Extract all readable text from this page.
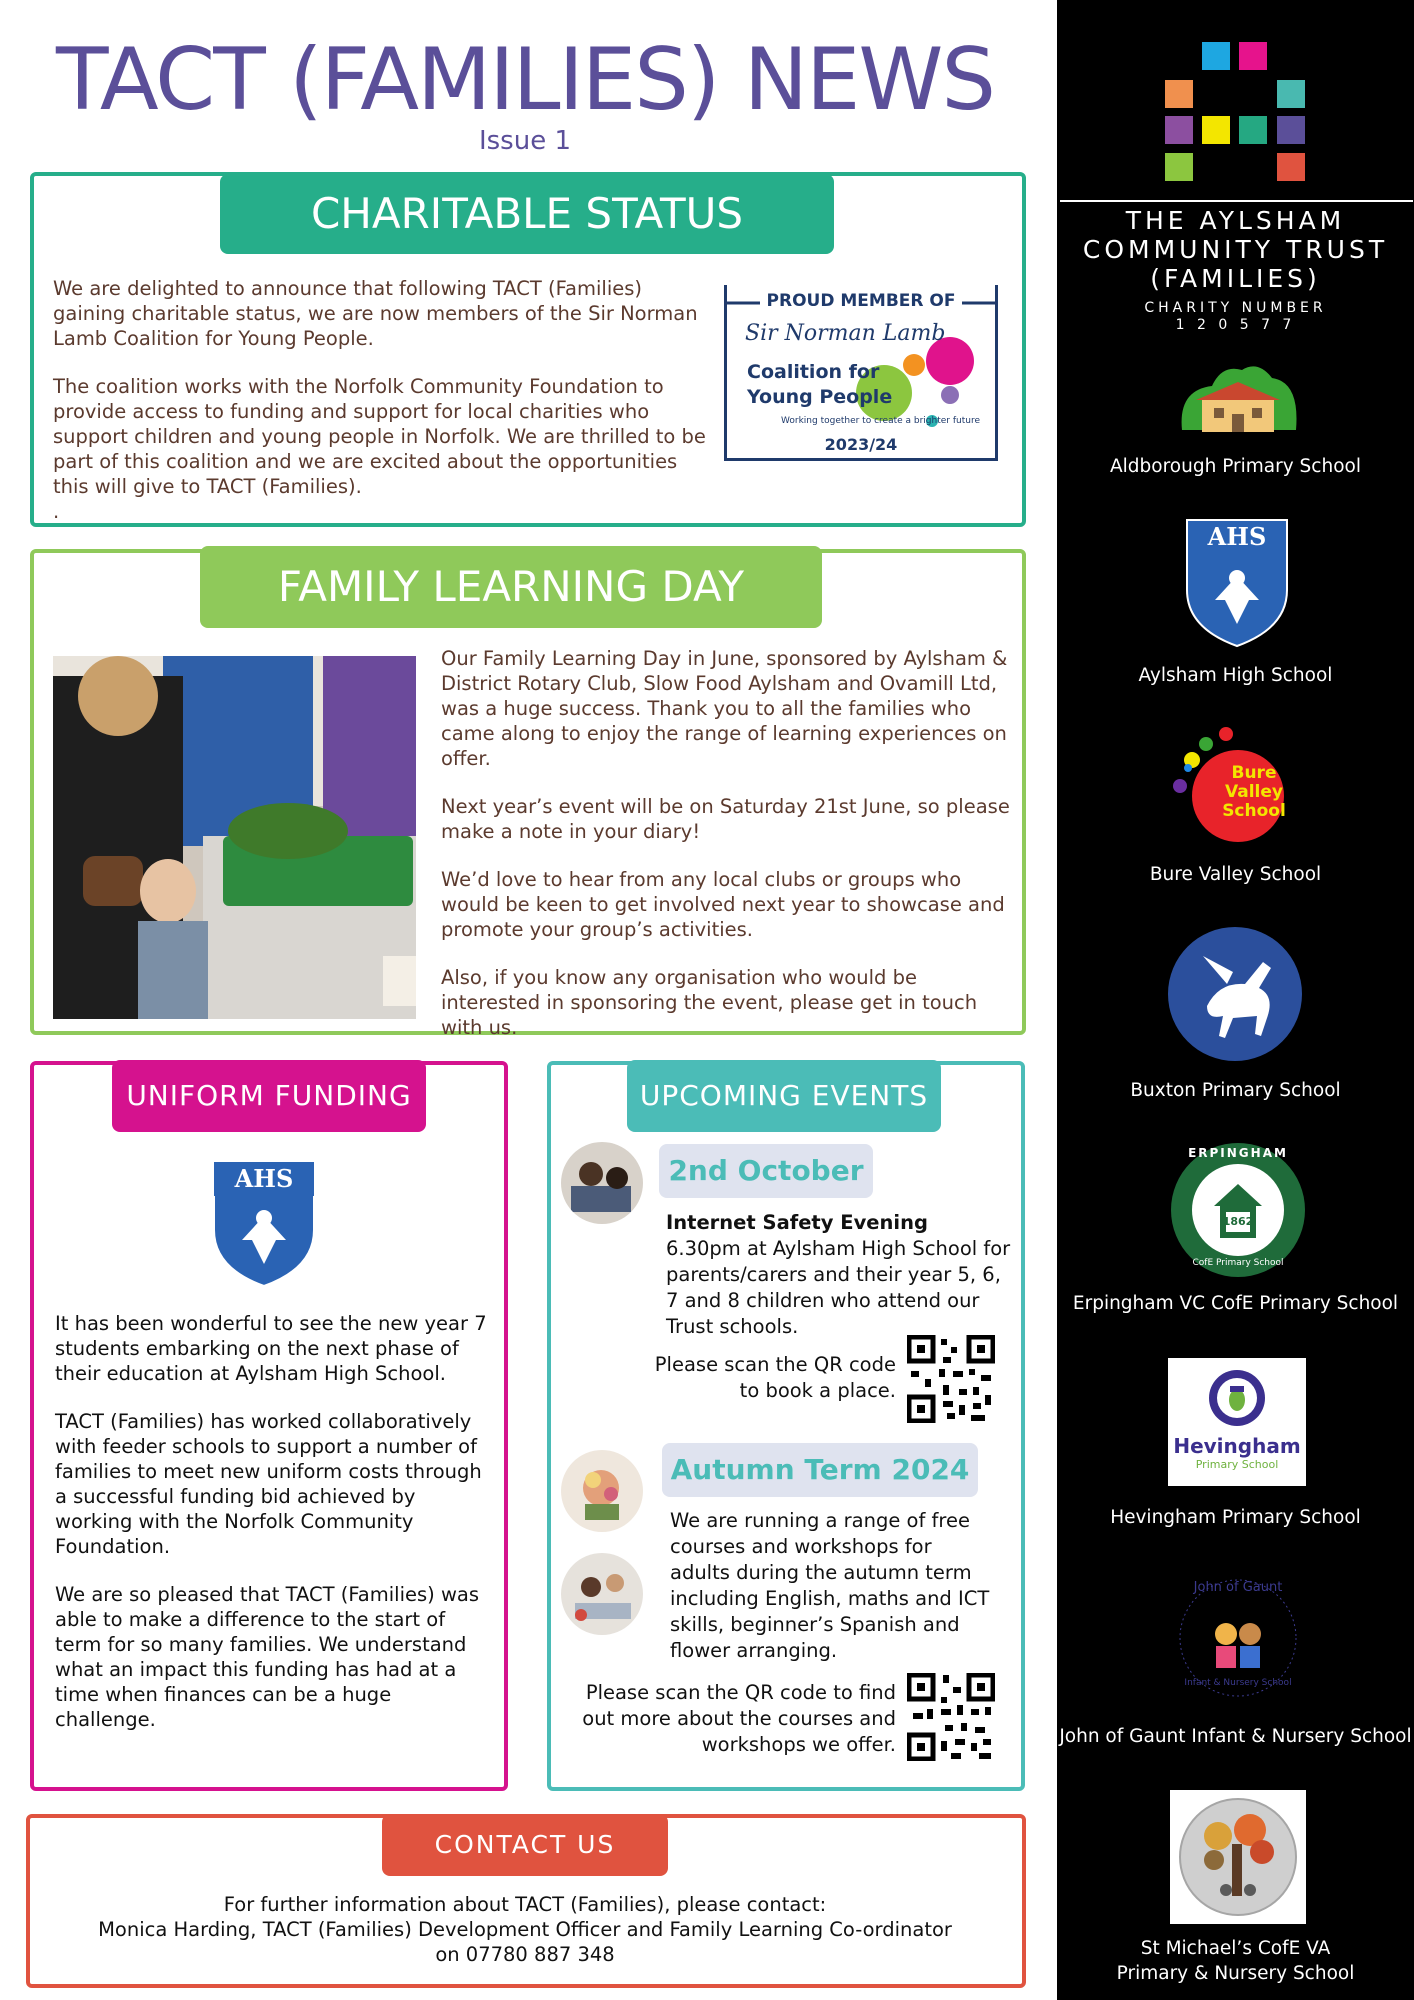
TACT (FAMILIES) NEWS
Issue 1
CHARITABLE STATUS

We are delighted to announce that following TACT (Families) gaining charitable status, we are now members of the Sir Norman Lamb Coalition for Young People.

The coalition works with the Norfolk Community Foundation to provide access to funding and support for local charities who support children and young people in Norfolk. We are thrilled to be part of this coalition and we are excited about the opportunities this will give to TACT (Families).

.

PROUD MEMBER OF
Sir Norman Lamb
Coalition for
Young People
Working together to create a brighter future
2023/24
FAMILY LEARNING DAY

Our Family Learning Day in June, sponsored by Aylsham & District Rotary Club, Slow Food Aylsham and Ovamill Ltd, was a huge success. Thank you to all the families who came along to enjoy the range of learning experiences on offer.

Next year’s event will be on Saturday 21st June, so please make a note in your diary!

We’d love to hear from any local clubs or groups who would be keen to get involved next year to showcase and promote your group’s activities.

Also, if you know any organisation who would be interested in sponsoring the event, please get in touch with us.

UNIFORM FUNDING
AHS

It has been wonderful to see the new year 7 students embarking on the next phase of their education at Aylsham High School.

TACT (Families) has worked collaboratively with feeder schools to support a number of families to meet new uniform costs through a successful funding bid achieved by working with the Norfolk Community Foundation.

We are so pleased that TACT (Families) was able to make a difference to the start of term for so many families. We understand what an impact this funding has had at a time when finances can be a huge challenge.

UPCOMING EVENTS
2nd October
Internet Safety Evening
6.30pm at Aylsham High School for parents/carers and their year 5, 6, 7 and 8 children who attend our Trust schools.
Please scan the QR code to book a place.
Autumn Term 2024
We are running a range of free courses and workshops for adults during the autumn term including English, maths and ICT skills, beginner’s Spanish and flower arranging.
Please scan the QR code to find out more about the courses and workshops we offer.
CONTACT US
For further information about TACT (Families), please contact:
Monica Harding, TACT (Families) Development Officer and Family Learning Co-ordinator
on 07780 887 348
THE AYLSHAM
COMMUNITY TRUST
(FAMILIES)
CHARITY NUMBER
1 2 0 5 7 7
Aldborough Primary School
AHS
Aylsham High School
Bure Valley School
Bure Valley School
Buxton Primary School
ERPINGHAM
1862
CofE Primary School
Erpingham VC CofE Primary School
Hevingham
Primary School
Hevingham Primary School
John of Gaunt
Infant & Nursery School
John of Gaunt Infant & Nursery School
St Michael’s CofE VA
Primary & Nursery School
